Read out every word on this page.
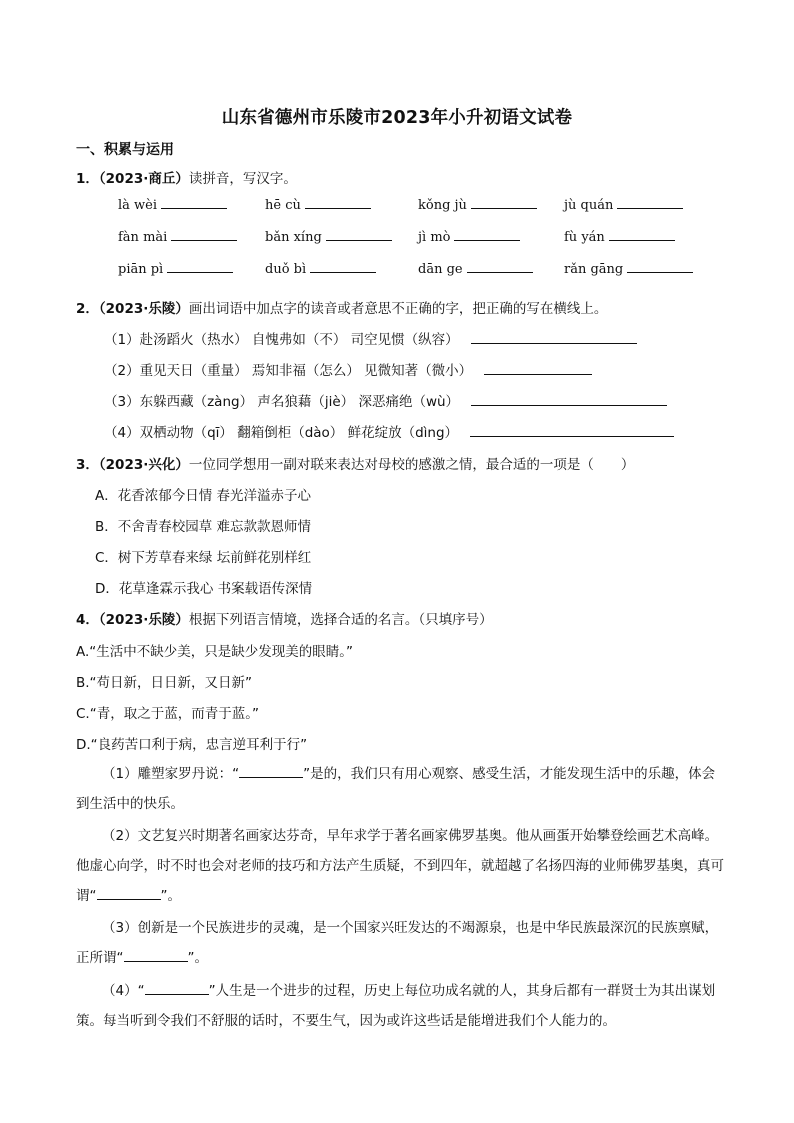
山东省德州市乐陵市2023年小升初语文试卷
一、积累与运用
1．（2023·商丘）读拼音，写汉字。
là wèi	hē cù	kǒng jù	jù quán
fàn mài	bǎn xíng	jì mò	fù yán
piān pì	duǒ bì	dān ge	rǎn gāng
2．（2023·乐陵）画出词语中加点字的读音或者意思不正确的字，把正确的写在横线上。
（1）赴汤蹈火（热水） 自愧弗如（不） 司空见惯（纵容）
（2）重见天日（重量） 焉知非福（怎么） 见微知著（微小）
（3）东躲西藏（zàng） 声名狼藉（jiè） 深恶痛绝（wù）
（4）双栖动物（qī） 翻箱倒柜（dào） 鲜花绽放（dìng）
3．（2023·兴化）一位同学想用一副对联来表达对母校的感激之情，最合适的一项是（　　）
A．花香浓郁今日情 春光洋溢赤子心
B．不舍青春校园草 难忘款款恩师情
C．树下芳草春来绿 坛前鲜花别样红
D．花草逢霖示我心 书案载语传深情
4．（2023·乐陵）根据下列语言情境，选择合适的名言。（只填序号）
A.“生活中不缺少美，只是缺少发现美的眼睛。”
B.“苟日新，日日新，又日新”
C.“青，取之于蓝，而青于蓝。”
D.“良药苦口利于病，忠言逆耳利于行”
（1）雕塑家罗丹说：“	”是的，我们只有用心观察、感受生活，才能发现生活中的乐趣，体会到生活中的快乐。
（2）文艺复兴时期著名画家达芬奇，早年求学于著名画家佛罗基奥。他从画蛋开始攀登绘画艺术高峰。他虚心向学，时不时也会对老师的技巧和方法产生质疑，不到四年，就超越了名扬四海的业师佛罗基奥，真可谓“	”。
（3）创新是一个民族进步的灵魂，是一个国家兴旺发达的不竭源泉，也是中华民族最深沉的民族禀赋，正所谓“	”。
（4）“	”人生是一个进步的过程，历史上每位功成名就的人，其身后都有一群贤士为其出谋划策。每当听到令我们不舒服的话时，不要生气，因为或许这些话是能增进我们个人能力的。
